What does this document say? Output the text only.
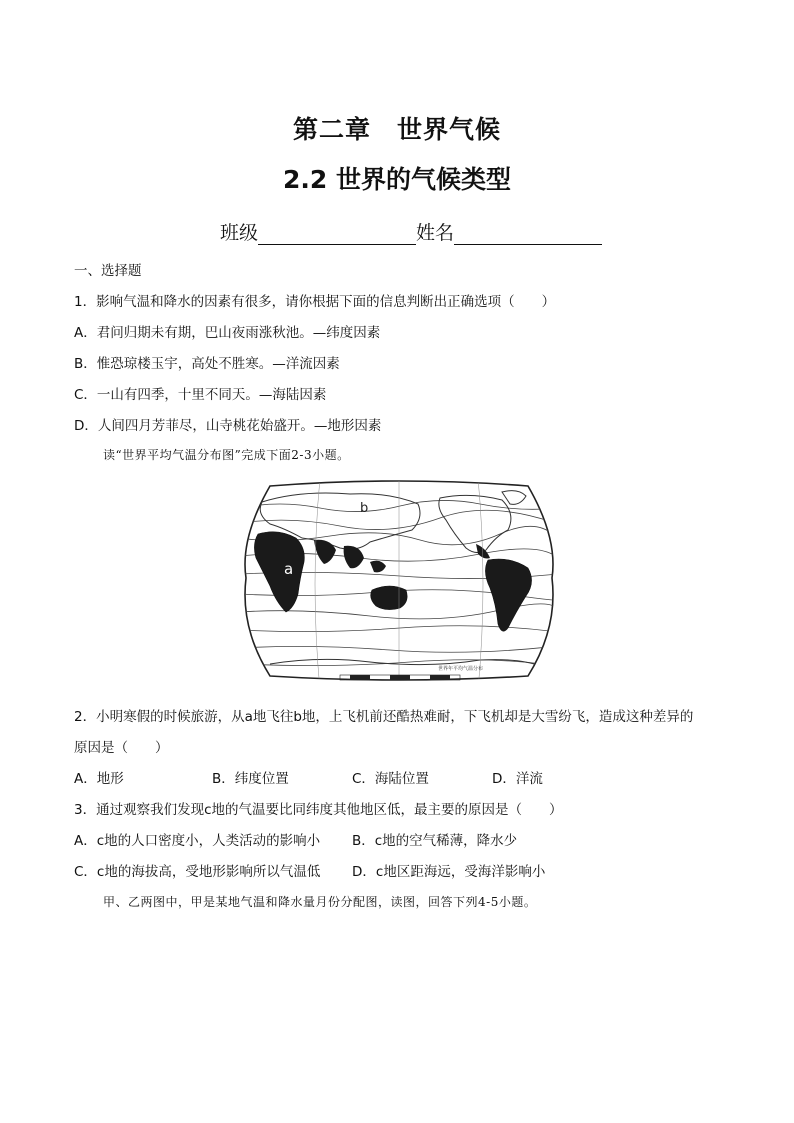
第二章　世界气候
2.2 世界的气候类型
班级	姓名
一、选择题
1．影响气温和降水的因素有很多，请你根据下面的信息判断出正确选项（　　）
A．君问归期未有期，巴山夜雨涨秋池。—纬度因素
B．惟恐琼楼玉宇，高处不胜寒。—洋流因素
C．一山有四季，十里不同天。—海陆因素
D．人间四月芳菲尽，山寺桃花始盛开。—地形因素
读“世界平均气温分布图”完成下面2-3小题。
a
b
世界年平均气温分布
2．小明寒假的时候旅游，从a地飞往b地，上飞机前还酷热难耐，下飞机却是大雪纷飞，造成这种差异的
原因是（　　）
A．地形	B．纬度位置	C．海陆位置	D．洋流
3．通过观察我们发现c地的气温要比同纬度其他地区低，最主要的原因是（　　）
A．c地的人口密度小，人类活动的影响小 B．c地的空气稀薄，降水少
C．c地的海拔高，受地形影响所以气温低 D．c地区距海远，受海洋影响小
甲、乙两图中，甲是某地气温和降水量月份分配图，读图，回答下列4-5小题。
